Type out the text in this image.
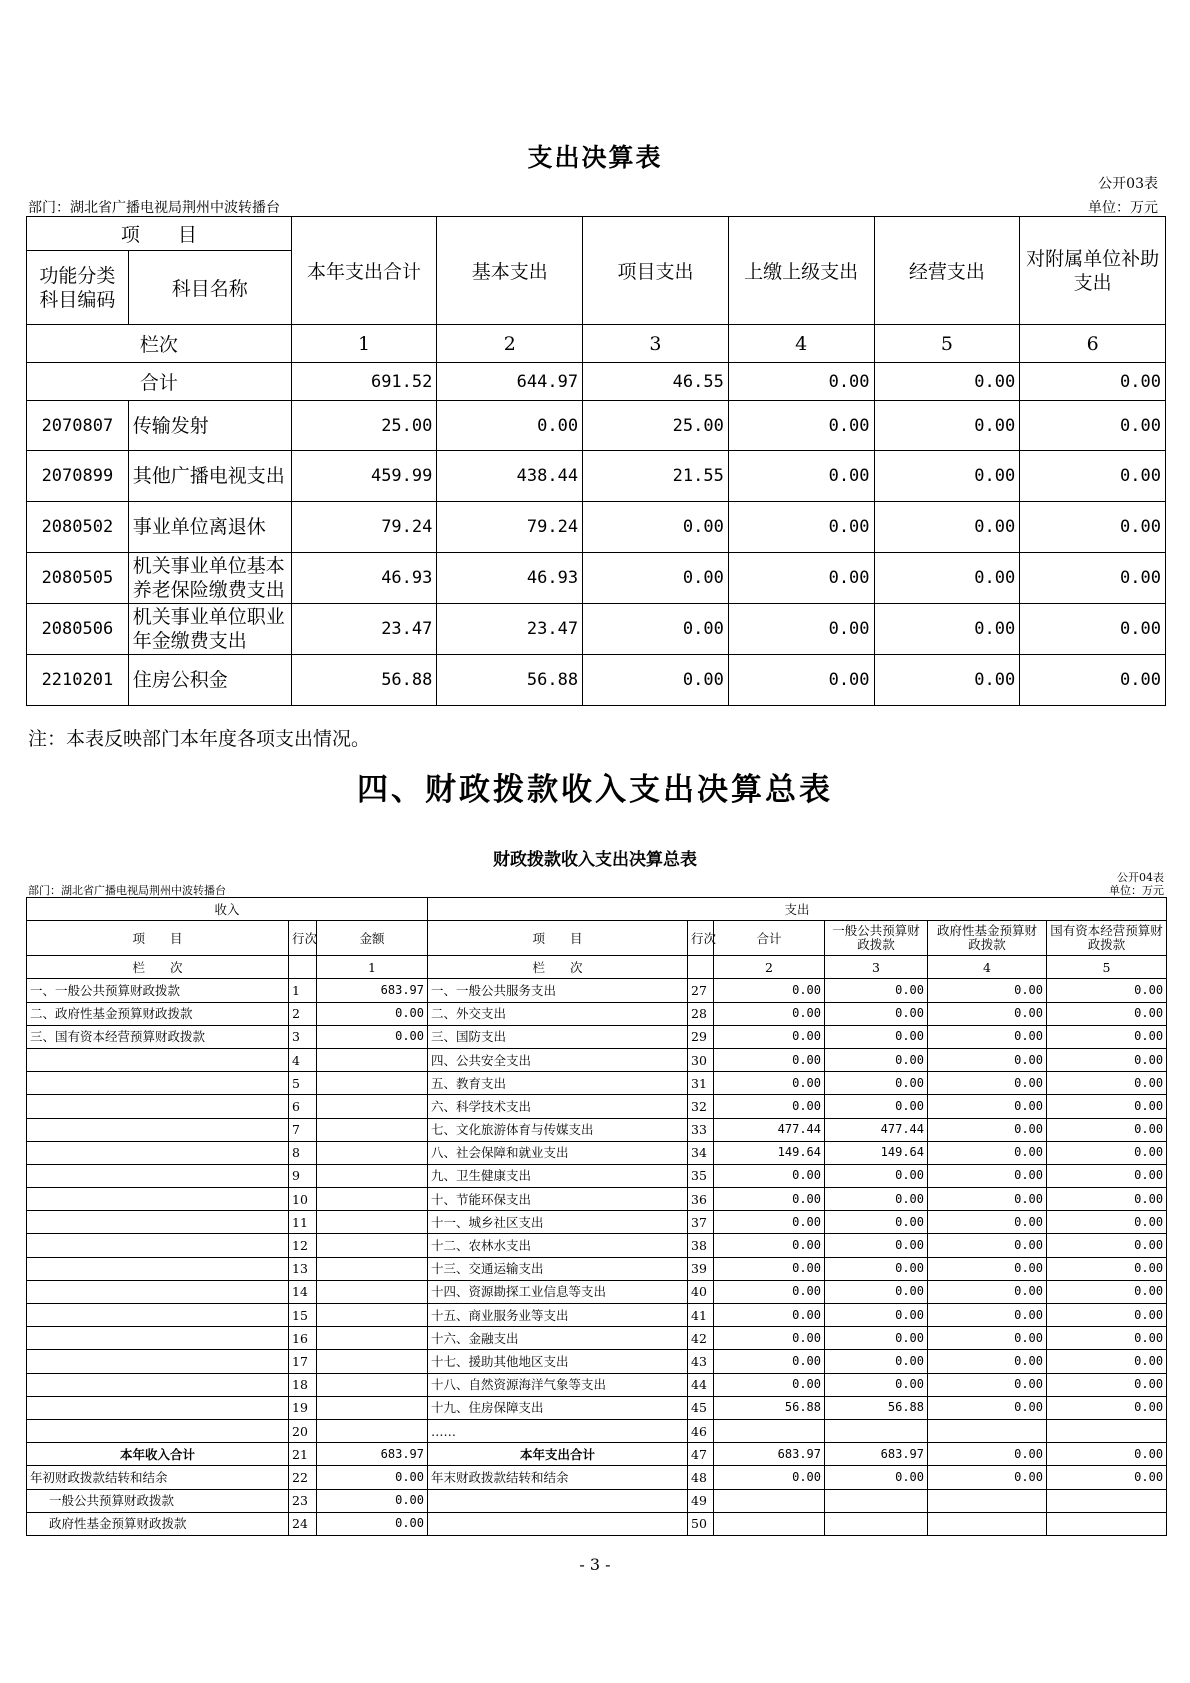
支出决算表
公开03表
部门：湖北省广播电视局荆州中波转播台	单位：万元
项　　目		本年支出合计	基本支出	项目支出	上缴上级支出	经营支出	对附属单位补助支出
功能分类科目编码	科目名称						
栏次		1	2	3	4	5	6
合计		691.52	644.97	46.55	0.00	0.00	0.00
2070807	传输发射	25.00	0.00	25.00	0.00	0.00	0.00
2070899	其他广播电视支出	459.99	438.44	21.55	0.00	0.00	0.00
2080502	事业单位离退休	79.24	79.24	0.00	0.00	0.00	0.00
2080505	机关事业单位基本养老保险缴费支出	46.93	46.93	0.00	0.00	0.00	0.00
2080506	机关事业单位职业年金缴费支出	23.47	23.47	0.00	0.00	0.00	0.00
2210201	住房公积金	56.88	56.88	0.00	0.00	0.00	0.00
注：本表反映部门本年度各项支出情况。
四、财政拨款收入支出决算总表
财政拨款收入支出决算总表
公开04表
部门：湖北省广播电视局荆州中波转播台	单位：万元
收入			支出					
项　　目	行次	金额	项　　目	行次	合计	一般公共预算财政拨款	政府性基金预算财政拨款	国有资本经营预算财政拨款
栏　　次		1	栏　　次		2	3	4	5
一、一般公共预算财政拨款	1	683.97	一、一般公共服务支出	27	0.00	0.00	0.00	0.00
二、政府性基金预算财政拨款	2	0.00	二、外交支出	28	0.00	0.00	0.00	0.00
三、国有资本经营预算财政拨款	3	0.00	三、国防支出	29	0.00	0.00	0.00	0.00
	4		四、公共安全支出	30	0.00	0.00	0.00	0.00
	5		五、教育支出	31	0.00	0.00	0.00	0.00
	6		六、科学技术支出	32	0.00	0.00	0.00	0.00
	7		七、文化旅游体育与传媒支出	33	477.44	477.44	0.00	0.00
	8		八、社会保障和就业支出	34	149.64	149.64	0.00	0.00
	9		九、卫生健康支出	35	0.00	0.00	0.00	0.00
	10		十、节能环保支出	36	0.00	0.00	0.00	0.00
	11		十一、城乡社区支出	37	0.00	0.00	0.00	0.00
	12		十二、农林水支出	38	0.00	0.00	0.00	0.00
	13		十三、交通运输支出	39	0.00	0.00	0.00	0.00
	14		十四、资源勘探工业信息等支出	40	0.00	0.00	0.00	0.00
	15		十五、商业服务业等支出	41	0.00	0.00	0.00	0.00
	16		十六、金融支出	42	0.00	0.00	0.00	0.00
	17		十七、援助其他地区支出	43	0.00	0.00	0.00	0.00
	18		十八、自然资源海洋气象等支出	44	0.00	0.00	0.00	0.00
	19		十九、住房保障支出	45	56.88	56.88	0.00	0.00
	20		……	46				
本年收入合计	21	683.97	本年支出合计	47	683.97	683.97	0.00	0.00
年初财政拨款结转和结余	22	0.00	年末财政拨款结转和结余	48	0.00	0.00	0.00	0.00
一般公共预算财政拨款	23	0.00		49				
政府性基金预算财政拨款	24	0.00		50				
- 3 -
